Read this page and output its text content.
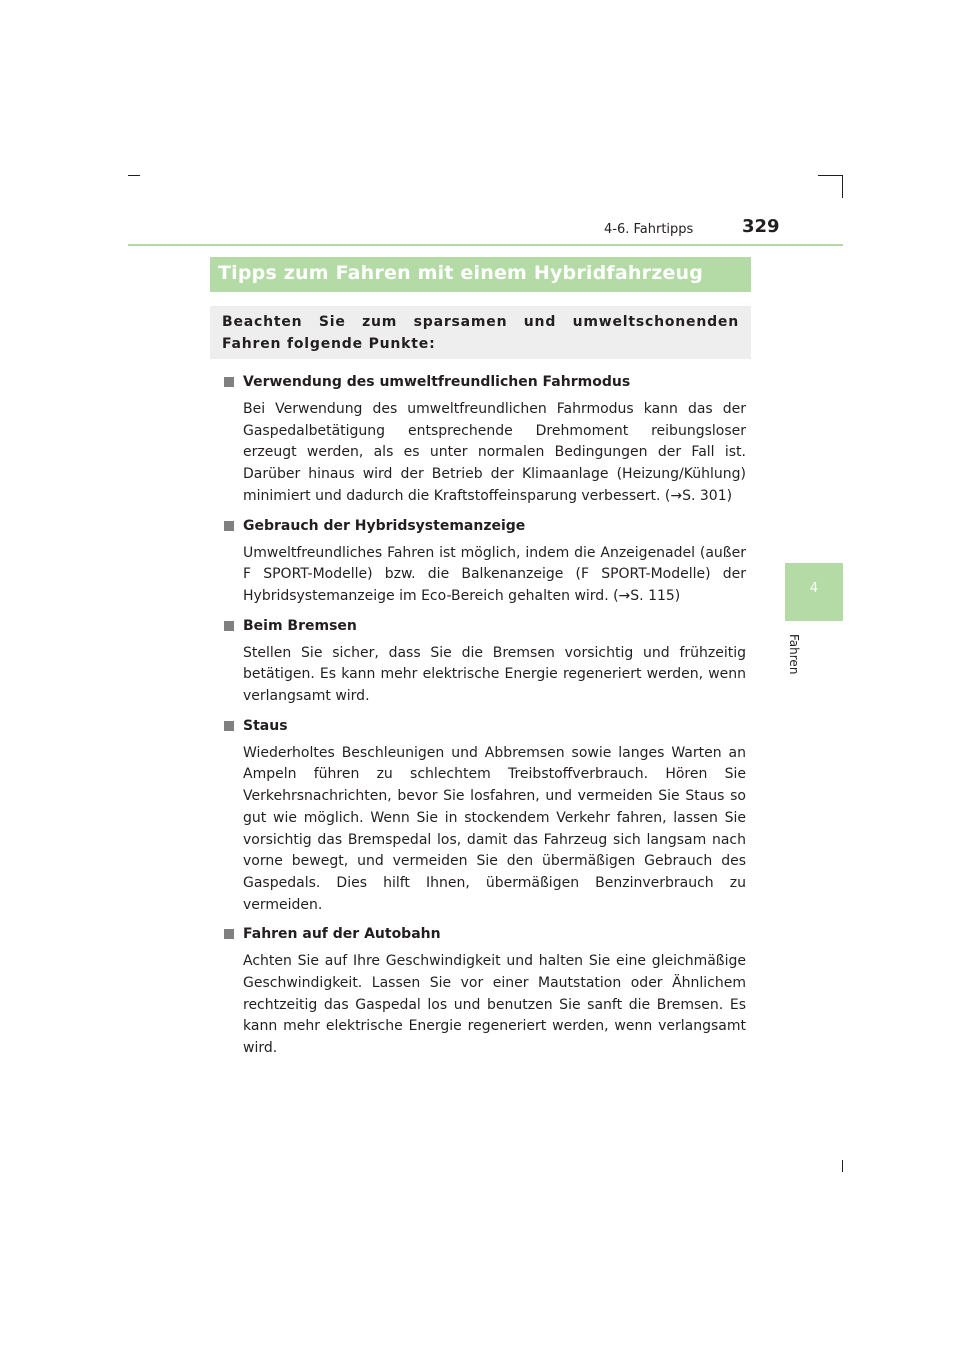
4-6. Fahrtipps	329
4
Fahren
Tipps zum Fahren mit einem Hybridfahrzeug
Beachten Sie zum sparsamen und umweltschonenden Fahren folgende Punkte:
Verwendung des umweltfreundlichen Fahrmodus
Bei Verwendung des umweltfreundlichen Fahrmodus kann das der Gaspedalbetätigung entsprechende Drehmoment reibungsloser erzeugt werden, als es unter normalen Bedingungen der Fall ist. Darüber hinaus wird der Betrieb der Klimaanlage (Heizung/Kühlung) minimiert und dadurch die Kraftstoffeinsparung verbessert. (→S. 301)
Gebrauch der Hybridsystemanzeige
Umweltfreundliches Fahren ist möglich, indem die Anzeigenadel (außer F SPORT-Modelle) bzw. die Balkenanzeige (F SPORT-Modelle) der Hybridsystemanzeige im Eco-Bereich gehalten wird. (→S. 115)
Beim Bremsen
Stellen Sie sicher, dass Sie die Bremsen vorsichtig und frühzeitig betätigen. Es kann mehr elektrische Energie regeneriert werden, wenn verlangsamt wird.
Staus
Wiederholtes Beschleunigen und Abbremsen sowie langes Warten an Ampeln führen zu schlechtem Treibstoffverbrauch. Hören Sie Verkehrsnachrichten, bevor Sie losfahren, und vermeiden Sie Staus so gut wie möglich. Wenn Sie in stockendem Verkehr fahren, lassen Sie vorsichtig das Bremspedal los, damit das Fahrzeug sich langsam nach vorne bewegt, und vermeiden Sie den übermäßigen Gebrauch des Gaspedals. Dies hilft Ihnen, übermäßigen Benzinverbrauch zu vermeiden.
Fahren auf der Autobahn
Achten Sie auf Ihre Geschwindigkeit und halten Sie eine gleichmäßige Geschwindigkeit. Lassen Sie vor einer Mautstation oder Ähnlichem rechtzeitig das Gaspedal los und benutzen Sie sanft die Bremsen. Es kann mehr elektrische Energie regeneriert werden, wenn verlangsamt wird.
